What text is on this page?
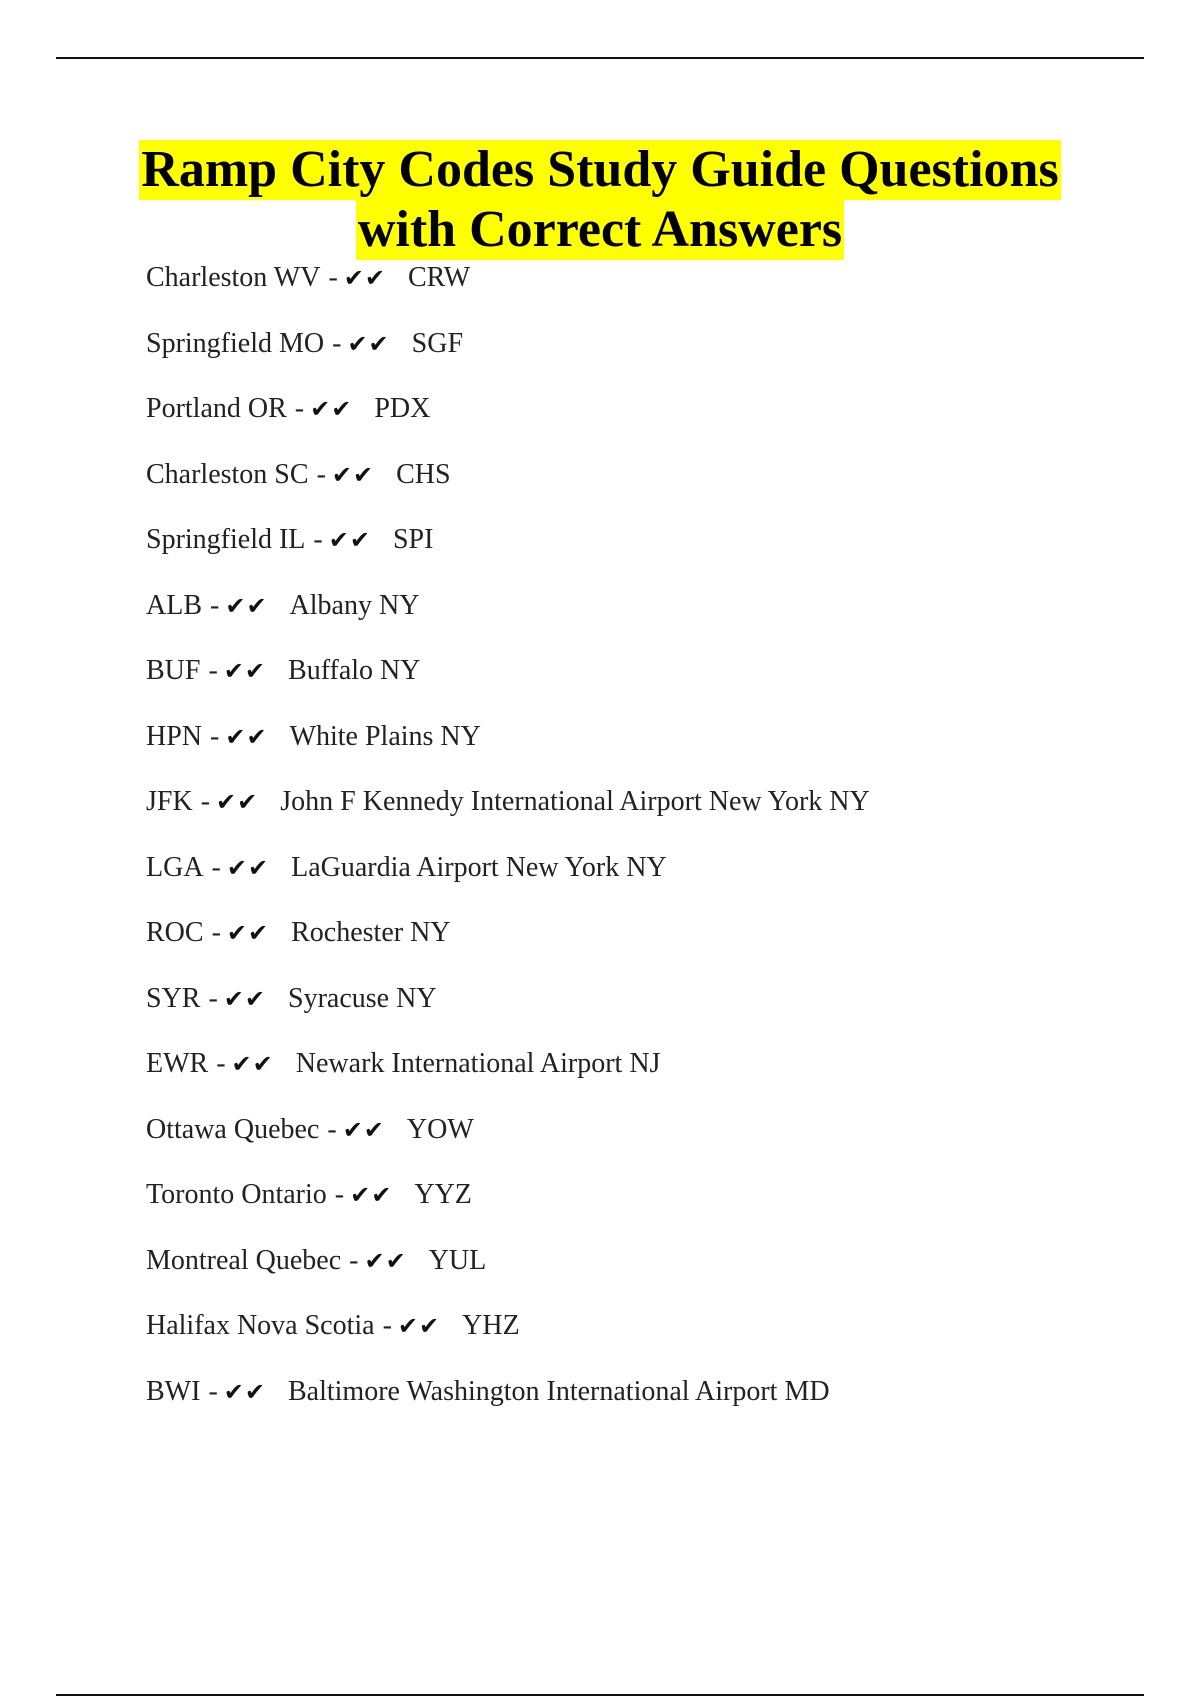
Ramp City Codes Study Guide Questions
with Correct Answers
Charleston WV - ✔✔ CRW
Springfield MO - ✔✔ SGF
Portland OR - ✔✔ PDX
Charleston SC - ✔✔ CHS
Springfield IL - ✔✔ SPI
ALB - ✔✔ Albany NY
BUF - ✔✔ Buffalo NY
HPN - ✔✔ White Plains NY
JFK - ✔✔ John F Kennedy International Airport New York NY
LGA - ✔✔ LaGuardia Airport New York NY
ROC - ✔✔ Rochester NY
SYR - ✔✔ Syracuse NY
EWR - ✔✔ Newark International Airport NJ
Ottawa Quebec - ✔✔ YOW
Toronto Ontario - ✔✔ YYZ
Montreal Quebec - ✔✔ YUL
Halifax Nova Scotia - ✔✔ YHZ
BWI - ✔✔ Baltimore Washington International Airport MD
